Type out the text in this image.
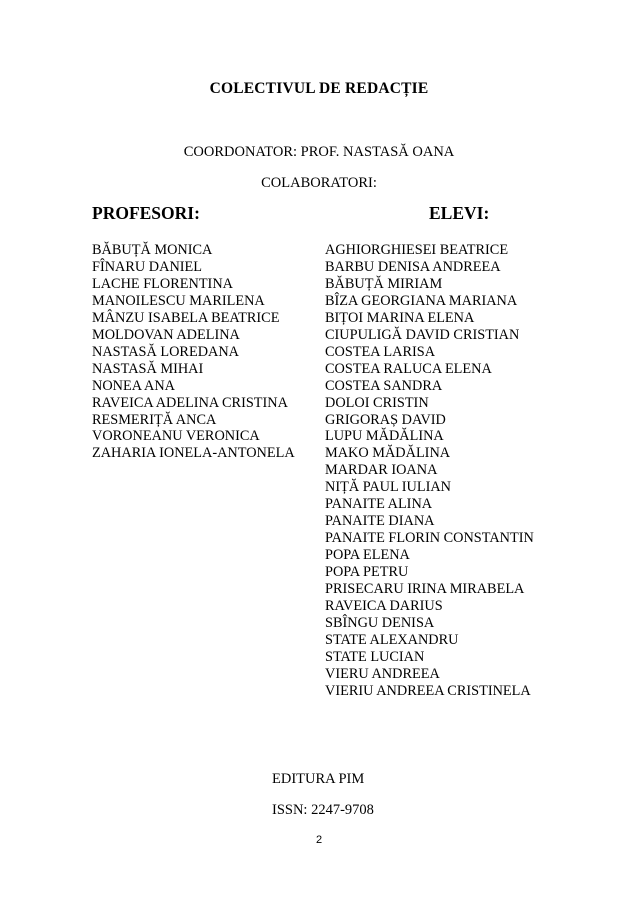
COLECTIVUL DE REDACȚIE
COORDONATOR: PROF. NASTASĂ OANA
COLABORATORI:
PROFESORI:	ELEVI:
BĂBUȚĂ MONICA
FÎNARU DANIEL
LACHE FLORENTINA
MANOILESCU MARILENA
MÂNZU ISABELA BEATRICE
MOLDOVAN ADELINA
NASTASĂ LOREDANA
NASTASĂ MIHAI
NONEA ANA
RAVEICA ADELINA CRISTINA
RESMERIȚĂ ANCA
VORONEANU VERONICA
ZAHARIA IONELA-ANTONELA
AGHIORGHIESEI BEATRICE
BARBU DENISA ANDREEA
BĂBUȚĂ MIRIAM
BÎZA GEORGIANA MARIANA
BIȚOI MARINA ELENA
CIUPULIGĂ DAVID CRISTIAN
COSTEA LARISA
COSTEA RALUCA ELENA
COSTEA SANDRA
DOLOI CRISTIN
GRIGORAȘ DAVID
LUPU MĂDĂLINA
MAKO MĂDĂLINA
MARDAR IOANA
NIȚĂ PAUL IULIAN
PANAITE ALINA
PANAITE DIANA
PANAITE FLORIN CONSTANTIN
POPA ELENA
POPA PETRU
PRISECARU IRINA MIRABELA
RAVEICA DARIUS
SBÎNGU DENISA
STATE ALEXANDRU
STATE LUCIAN
VIERU ANDREEA
VIERIU ANDREEA CRISTINELA
EDITURA PIM
ISSN: 2247-9708
2
